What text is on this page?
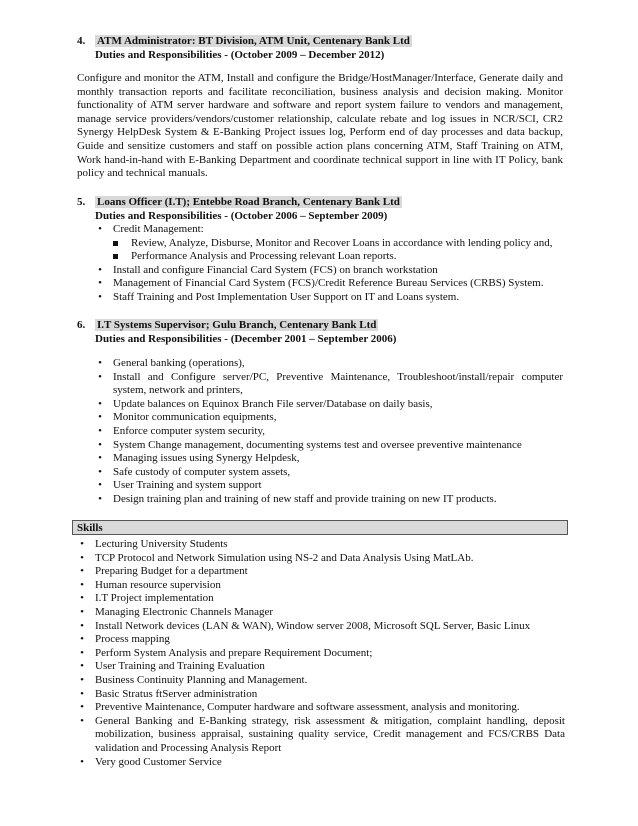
4. ATM Administrator: BT Division, ATM Unit, Centenary Bank Ltd
Duties and Responsibilities - (October 2009 – December 2012)
Configure and monitor the ATM, Install and configure the Bridge/HostManager/Interface, Generate daily and monthly transaction reports and facilitate reconciliation, business analysis and decision making. Monitor functionality of ATM server hardware and software and report system failure to vendors and management, manage service providers/vendors/customer relationship, calculate rebate and log issues in NCR/SCI, CR2 Synergy HelpDesk System & E-Banking Project issues log, Perform end of day processes and data backup, Guide and sensitize customers and staff on possible action plans concerning ATM, Staff Training on ATM, Work hand-in-hand with E-Banking Department and coordinate technical support in line with IT Policy, bank policy and technical manuals.
5. Loans Officer (I.T); Entebbe Road Branch, Centenary Bank Ltd
Duties and Responsibilities - (October 2006 – September 2009)
• Credit Management:
Review, Analyze, Disburse, Monitor and Recover Loans in accordance with lending policy and,
Performance Analysis and Processing relevant Loan reports.
• Install and configure Financial Card System (FCS) on branch workstation
• Management of Financial Card System (FCS)/Credit Reference Bureau Services (CRBS) System.
• Staff Training and Post Implementation User Support on IT and Loans system.
6. I.T Systems Supervisor; Gulu Branch, Centenary Bank Ltd
Duties and Responsibilities - (December 2001 – September 2006)
• General banking (operations),
• Install and Configure server/PC, Preventive Maintenance, Troubleshoot/install/repair computer system, network and printers,
• Update balances on Equinox Branch File server/Database on daily basis,
• Monitor communication equipments,
• Enforce computer system security,
• System Change management, documenting systems test and oversee preventive maintenance
• Managing issues using Synergy Helpdesk,
• Safe custody of computer system assets,
• User Training and system support
• Design training plan and training of new staff and provide training on new IT products.
Skills
• Lecturing University Students
• TCP Protocol and Network Simulation using NS-2 and Data Analysis Using MatLAb.
• Preparing Budget for a department
• Human resource supervision
• I.T Project implementation
• Managing Electronic Channels Manager
• Install Network devices (LAN & WAN), Window server 2008, Microsoft SQL Server, Basic Linux
• Process mapping
• Perform System Analysis and prepare Requirement Document;
• User Training and Training Evaluation
• Business Continuity Planning and Management.
• Basic Stratus ftServer administration
• Preventive Maintenance, Computer hardware and software assessment, analysis and monitoring.
• General Banking and E-Banking strategy, risk assessment & mitigation, complaint handling, deposit mobilization, business appraisal, sustaining quality service, Credit management and FCS/CRBS Data validation and Processing Analysis Report
• Very good Customer Service
